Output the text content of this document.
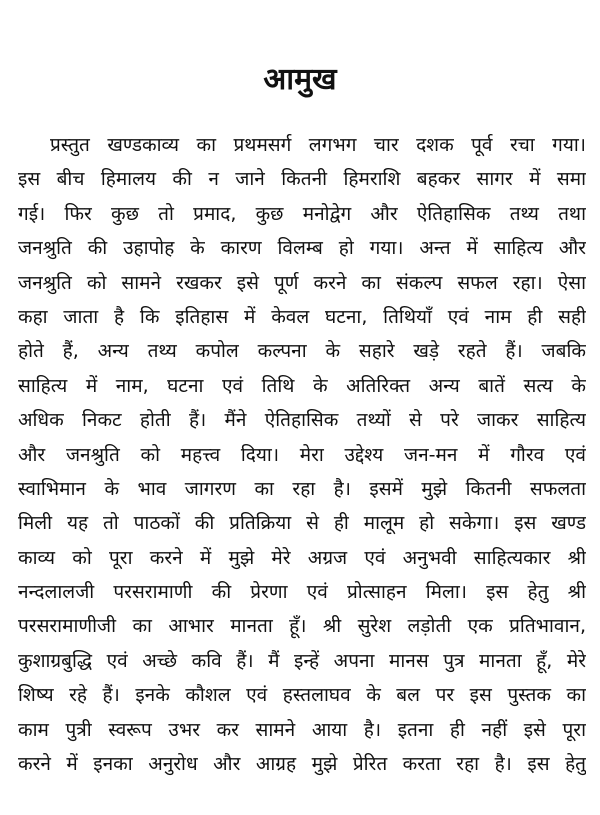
आमुख
प्रस्तुत खण्डकाव्य का प्रथमसर्ग लगभग चार दशक पूर्व रचा गया।
इस बीच हिमालय की न जाने कितनी हिमराशि बहकर सागर में समा
गई। फिर कुछ तो प्रमाद, कुछ मनोद्वेग और ऐतिहासिक तथ्य तथा
जनश्रुति की उहापोह के कारण विलम्ब हो गया। अन्त में साहित्य और
जनश्रुति को सामने रखकर इसे पूर्ण करने का संकल्प सफल रहा। ऐसा
कहा जाता है कि इतिहास में केवल घटना, तिथियाँ एवं नाम ही सही
होते हैं, अन्य तथ्य कपोल कल्पना के सहारे खड़े रहते हैं। जबकि
साहित्य में नाम, घटना एवं तिथि के अतिरिक्त अन्य बातें सत्य के
अधिक निकट होती हैं। मैंने ऐतिहासिक तथ्यों से परे जाकर साहित्य
और जनश्रुति को महत्त्व दिया। मेरा उद्देश्य जन-मन में गौरव एवं
स्वाभिमान के भाव जागरण का रहा है। इसमें मुझे कितनी सफलता
मिली यह तो पाठकों की प्रतिक्रिया से ही मालूम हो सकेगा। इस खण्ड
काव्य को पूरा करने में मुझे मेरे अग्रज एवं अनुभवी साहित्यकार श्री
नन्दलालजी परसरामाणी की प्रेरणा एवं प्रोत्साहन मिला। इस हेतु श्री
परसरामाणीजी का आभार मानता हूँ। श्री सुरेश लड़ोती एक प्रतिभावान,
कुशाग्रबुद्धि एवं अच्छे कवि हैं। मैं इन्हें अपना मानस पुत्र मानता हूँ, मेरे
शिष्य रहे हैं। इनके कौशल एवं हस्तलाघव के बल पर इस पुस्तक का
काम पुत्री स्वरूप उभर कर सामने आया है। इतना ही नहीं इसे पूरा
करने में इनका अनुरोध और आग्रह मुझे प्रेरित करता रहा है। इस हेतु
